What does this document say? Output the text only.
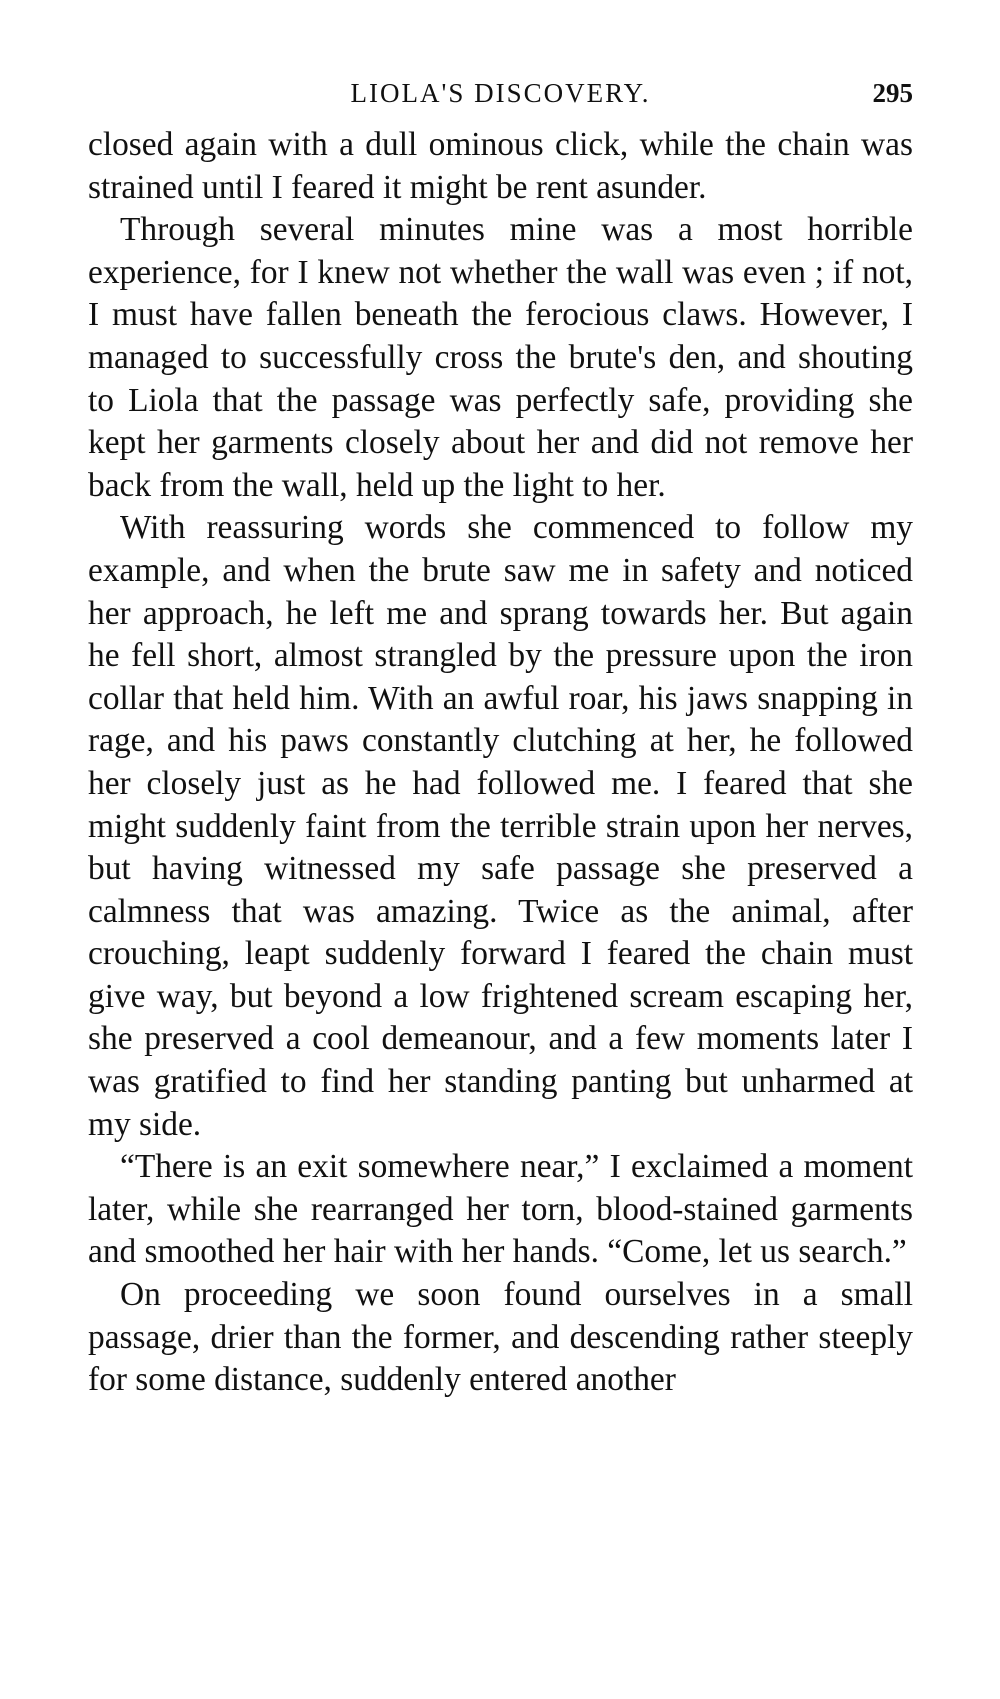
LIOLA'S DISCOVERY.	295

closed again with a dull ominous click, while the chain was strained until I feared it might be rent asunder.

Through several minutes mine was a most horrible experience, for I knew not whether the wall was even ; if not, I must have fallen beneath the ferocious claws. However, I managed to successfully cross the brute's den, and shouting to Liola that the passage was perfectly safe, providing she kept her garments closely about her and did not remove her back from the wall, held up the light to her.

With reassuring words she commenced to follow my example, and when the brute saw me in safety and noticed her approach, he left me and sprang towards her. But again he fell short, almost strangled by the pressure upon the iron collar that held him. With an awful roar, his jaws snapping in rage, and his paws constantly clutching at her, he followed her closely just as he had followed me. I feared that she might suddenly faint from the terrible strain upon her nerves, but having witnessed my safe passage she preserved a calmness that was amazing. Twice as the animal, after crouching, leapt suddenly forward I feared the chain must give way, but beyond a low frightened scream escaping her, she preserved a cool demeanour, and a few moments later I was gratified to find her standing panting but unharmed at my side.

“There is an exit somewhere near,” I exclaimed a moment later, while she rearranged her torn, blood-stained garments and smoothed her hair with her hands. “Come, let us search.”

On proceeding we soon found ourselves in a small passage, drier than the former, and descending rather steeply for some distance, suddenly entered another
